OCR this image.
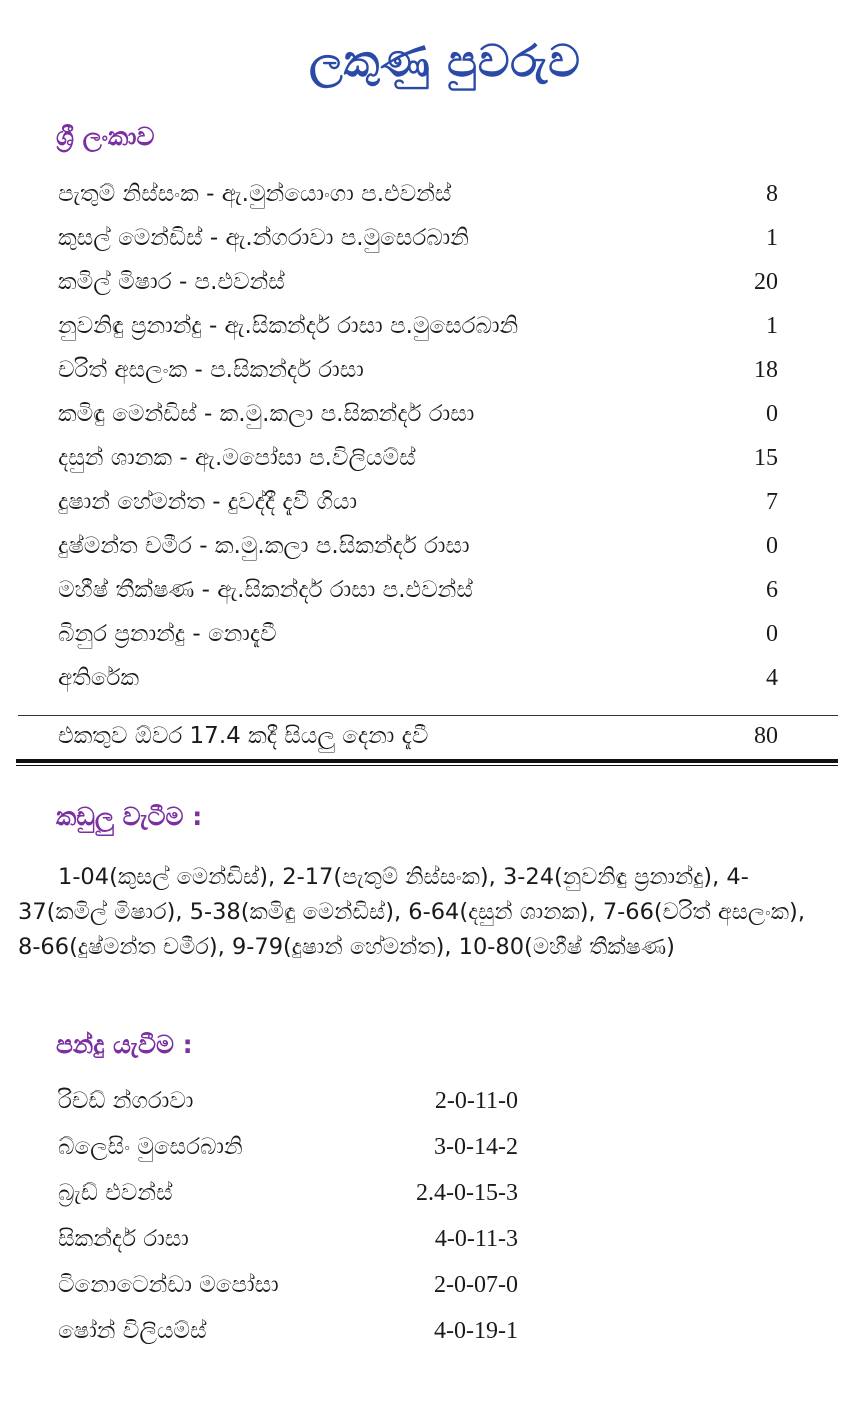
ලකුණු පුවරුව
ශ්‍රී ලංකාව
පැතුම් නිස්සංක - ඇ.මුන්යොංගා ප.එවන්ස්	8
කුසල් මෙන්ඩිස් - ඇ.න්ගරාවා ප.මුසෙරබානි	1
කමිල් මිෂාර - ප.එවන්ස්	20
නුවනිඳු ප්‍රනාන්දු - ඇ.සිකන්දර් රාසා ප.මුසෙරබානි	1
චරිත් අසලංක - ප.සිකන්දර් රාසා	18
කමිඳු මෙන්ඩිස් - ක.මු.කලා ප.සිකන්දර් රාසා	0
දසුන් ශානක - ඇ.මපෝසා ප.විලියම්ස්	15
දුෂාන් හේමන්ත - දුවද්දී දැවී ගියා	7
දුෂ්මන්ත චමීර - ක.මු.කලා ප.සිකන්දර් රාසා	0
මහීෂ් තීක්ෂණ - ඇ.සිකන්දර් රාසා ප.එවන්ස්	6
බිනුර ප්‍රනාන්දු - නොදැවී	0
අතිරේක	4
එකතුව ඕවර 17.4 කදී සියලු දෙනා දැවී	80
කඩුලු වැටීම :
1-04(කුසල් මෙන්ඩිස්), 2-17(පැතුම් නිස්සංක), 3-24(නුවනිඳු ප්‍රනාන්දු), 4-37(කමිල් මිෂාර), 5-38(කමිඳු මෙන්ඩිස්), 6-64(දසුන් ශානක), 7-66(චරිත් අසලංක), 8-66(දුෂ්මන්ත චමීර), 9-79(දුෂාන් හේමන්ත), 10-80(මහීෂ් තීක්ෂණ)
පන්දු යැවීම :
රිචඩ් න්ගරාවා	2-0-11-0
බ්ලෙසිං මුසෙරබානි	3-0-14-2
බ්‍රැඩ් එවන්ස්	2.4-0-15-3
සිකන්දර් රාසා	4-0-11-3
ටිනොටෙන්ඩා මපෝසා	2-0-07-0
ෂෝන් විලියම්ස්	4-0-19-1
